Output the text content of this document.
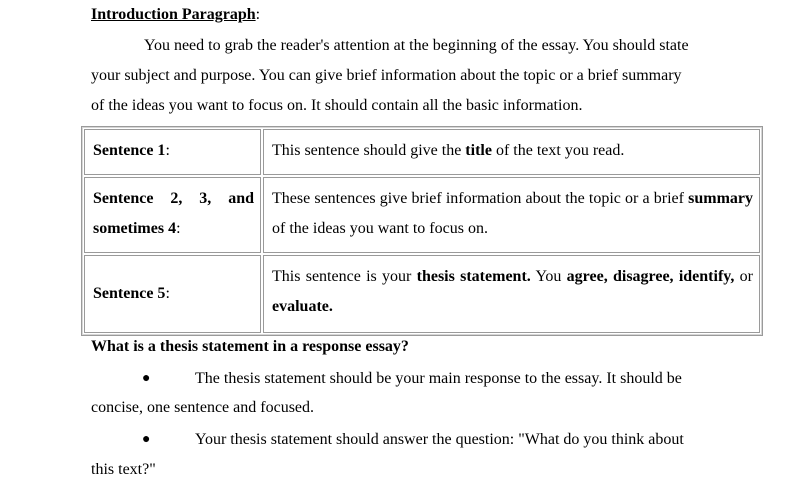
Introduction Paragraph:
You need to grab the reader's attention at the beginning of the essay. You should state
your subject and purpose. You can give brief information about the topic or a brief summary
of the ideas you want to focus on. It should contain all the basic information.
Sentence 1:	This sentence should give the title of the text you read.
Sentence 2, 3, and sometimes 4:	These sentences give brief information about the topic or a brief summary of the ideas you want to focus on.
Sentence 5:	This sentence is your thesis statement. You agree, disagree, identify, or evaluate.
What is a thesis statement in a response essay?
●	The thesis statement should be your main response to the essay. It should be
concise, one sentence and focused.
●	Your thesis statement should answer the question: "What do you think about
this text?"
